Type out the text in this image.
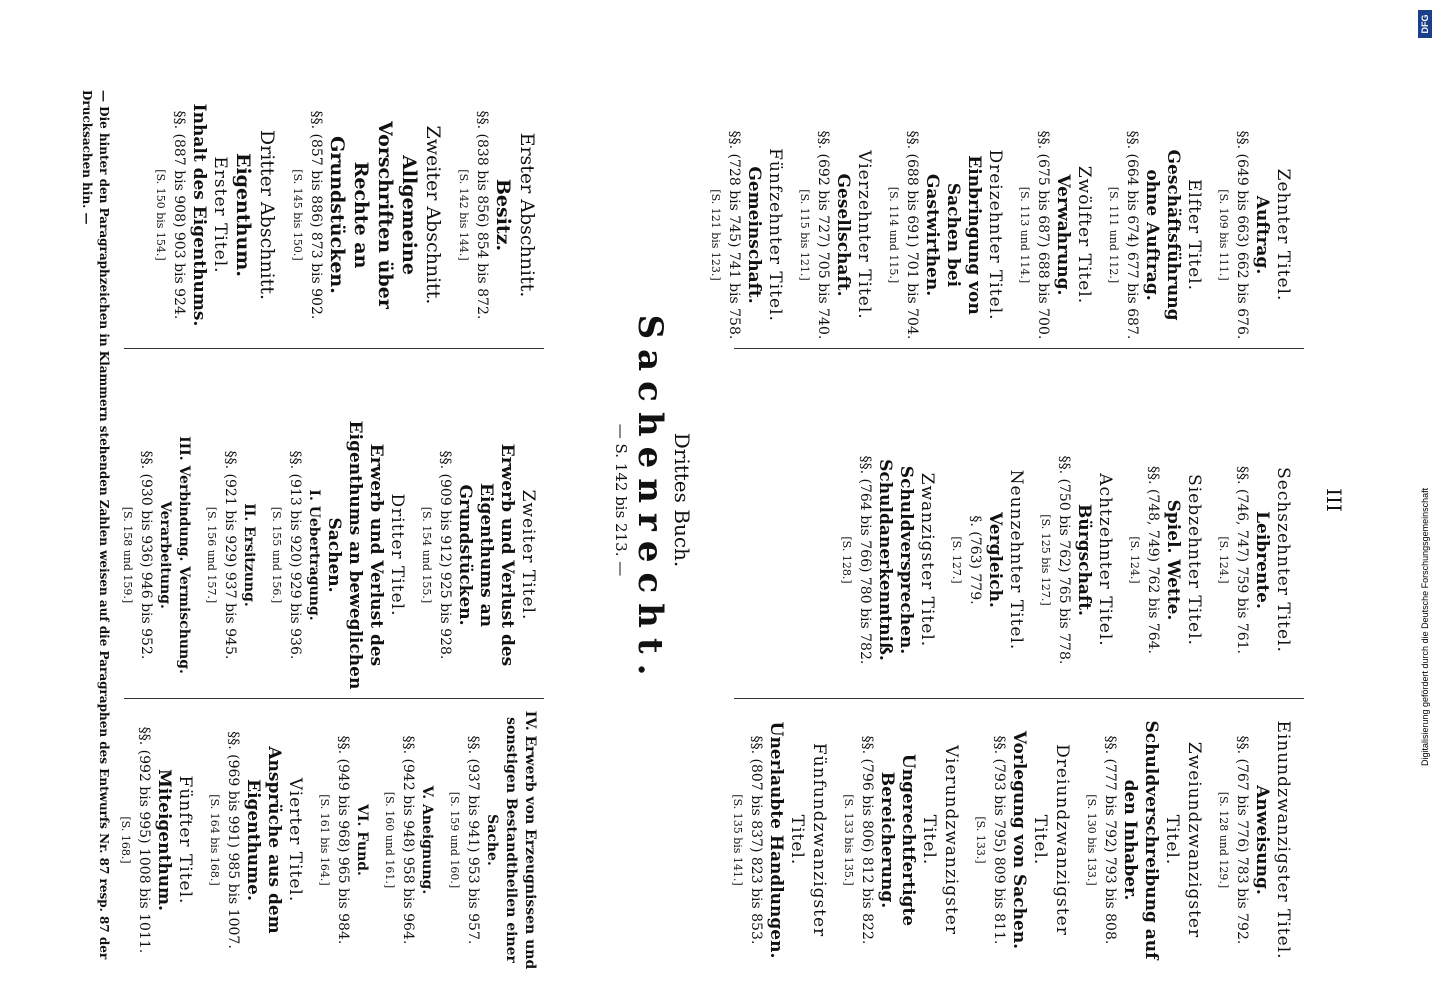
III
Zehnter Titel.
Auftrag.
§§. (649 bis 663) 662 bis 676.
[S. 109 bis 111.]
Elfter Titel.
Geschäftsführung ohne Auftrag.
§§. (664 bis 674) 677 bis 687.
[S. 111 und 112.]
Zwölfter Titel.
Verwahrung.
§§. (675 bis 687) 688 bis 700.
[S. 113 und 114.]
Dreizehnter Titel.
Einbringung von Sachen bei Gastwirthen.
§§. (688 bis 691) 701 bis 704.
[S. 114 und 115.]
Vierzehnter Titel.
Gesellschaft.
§§. (692 bis 727) 705 bis 740.
[S. 115 bis 121.]
Fünfzehnter Titel.
Gemeinschaft.
§§. (728 bis 745) 741 bis 758.
[S. 121 bis 123.]
Sechszehnter Titel.
Leibrente.
§§. (746, 747) 759 bis 761.
[S. 124.]
Siebzehnter Titel.
Spiel. Wette.
§§. (748, 749) 762 bis 764.
[S. 124.]
Achtzehnter Titel.
Bürgschaft.
§§. (750 bis 762) 765 bis 778.
[S. 125 bis 127.]
Neunzehnter Titel.
Vergleich.
§. (763) 779.
[S. 127.]
Zwanzigster Titel.
Schuldversprechen. Schuldanerkenntniß.
§§. (764 bis 766) 780 bis 782.
[S. 128.]
Einundzwanzigster Titel.
Anweisung.
§§. (767 bis 776) 783 bis 792.
[S. 128 und 129.]
Zweiundzwanzigster Titel.
Schuldverschreibung auf den Inhaber.
§§. (777 bis 792) 793 bis 808.
[S. 130 bis 133.]
Dreiundzwanzigster Titel.
Vorlegung von Sachen.
§§. (793 bis 795) 809 bis 811.
[S. 133.]
Vierundzwanzigster Titel.
Ungerechtfertigte Bereicherung.
§§. (796 bis 806) 812 bis 822.
[S. 133 bis 135.]
Fünfundzwanzigster Titel.
Unerlaubte Handlungen.
§§. (807 bis 837) 823 bis 853.
[S. 135 bis 141.]
Drittes Buch.
Sachenrecht.
— S. 142 bis 213. —
Erster Abschnitt.
Besitz.
§§. (838 bis 856) 854 bis 872.
[S. 142 bis 144.]
Zweiter Abschnitt.
Allgemeine Vorschriften über Rechte an Grundstücken.
§§. (857 bis 886) 873 bis 902.
[S. 145 bis 150.]
Dritter Abschnitt.
Eigenthum.
Erster Titel.
Inhalt des Eigenthums.
§§. (887 bis 908) 903 bis 924.
[S. 150 bis 154.]
Zweiter Titel.
Erwerb und Verlust des Eigenthums an Grundstücken.
§§. (909 bis 912) 925 bis 928.
[S. 154 und 155.]
Dritter Titel.
Erwerb und Verlust des Eigenthums an beweglichen Sachen.
I. Uebertragung.
§§. (913 bis 920) 929 bis 936.
[S. 155 und 156.]
II. Ersitzung.
§§. (921 bis 929) 937 bis 945.
[S. 156 und 157.]
III. Verbindung. Vermischung. Verarbeitung.
§§. (930 bis 936) 946 bis 952.
[S. 158 und 159.]
IV. Erwerb von Erzeugnissen und sonstigen Bestandtheilen einer Sache.
§§. (937 bis 941) 953 bis 957.
[S. 159 und 160.]
V. Aneignung.
§§. (942 bis 948) 958 bis 964.
[S. 160 und 161.]
VI. Fund.
§§. (949 bis 968) 965 bis 984.
[S. 161 bis 164.]
Vierter Titel.
Ansprüche aus dem Eigenthume.
§§. (969 bis 991) 985 bis 1007.
[S. 164 bis 168.]
Fünfter Titel.
Miteigenthum.
§§. (992 bis 995) 1008 bis 1011.
[S. 168.]
— Die hinter den Paragraphzeichen in Klammern stehenden Zahlen weisen auf die Paragraphen des Entwurfs Nr. 87 resp. 87 der Drucksachen hin. —
DFG
Digitalisierung gefördert durch die Deutsche Forschungsgemeinschaft
